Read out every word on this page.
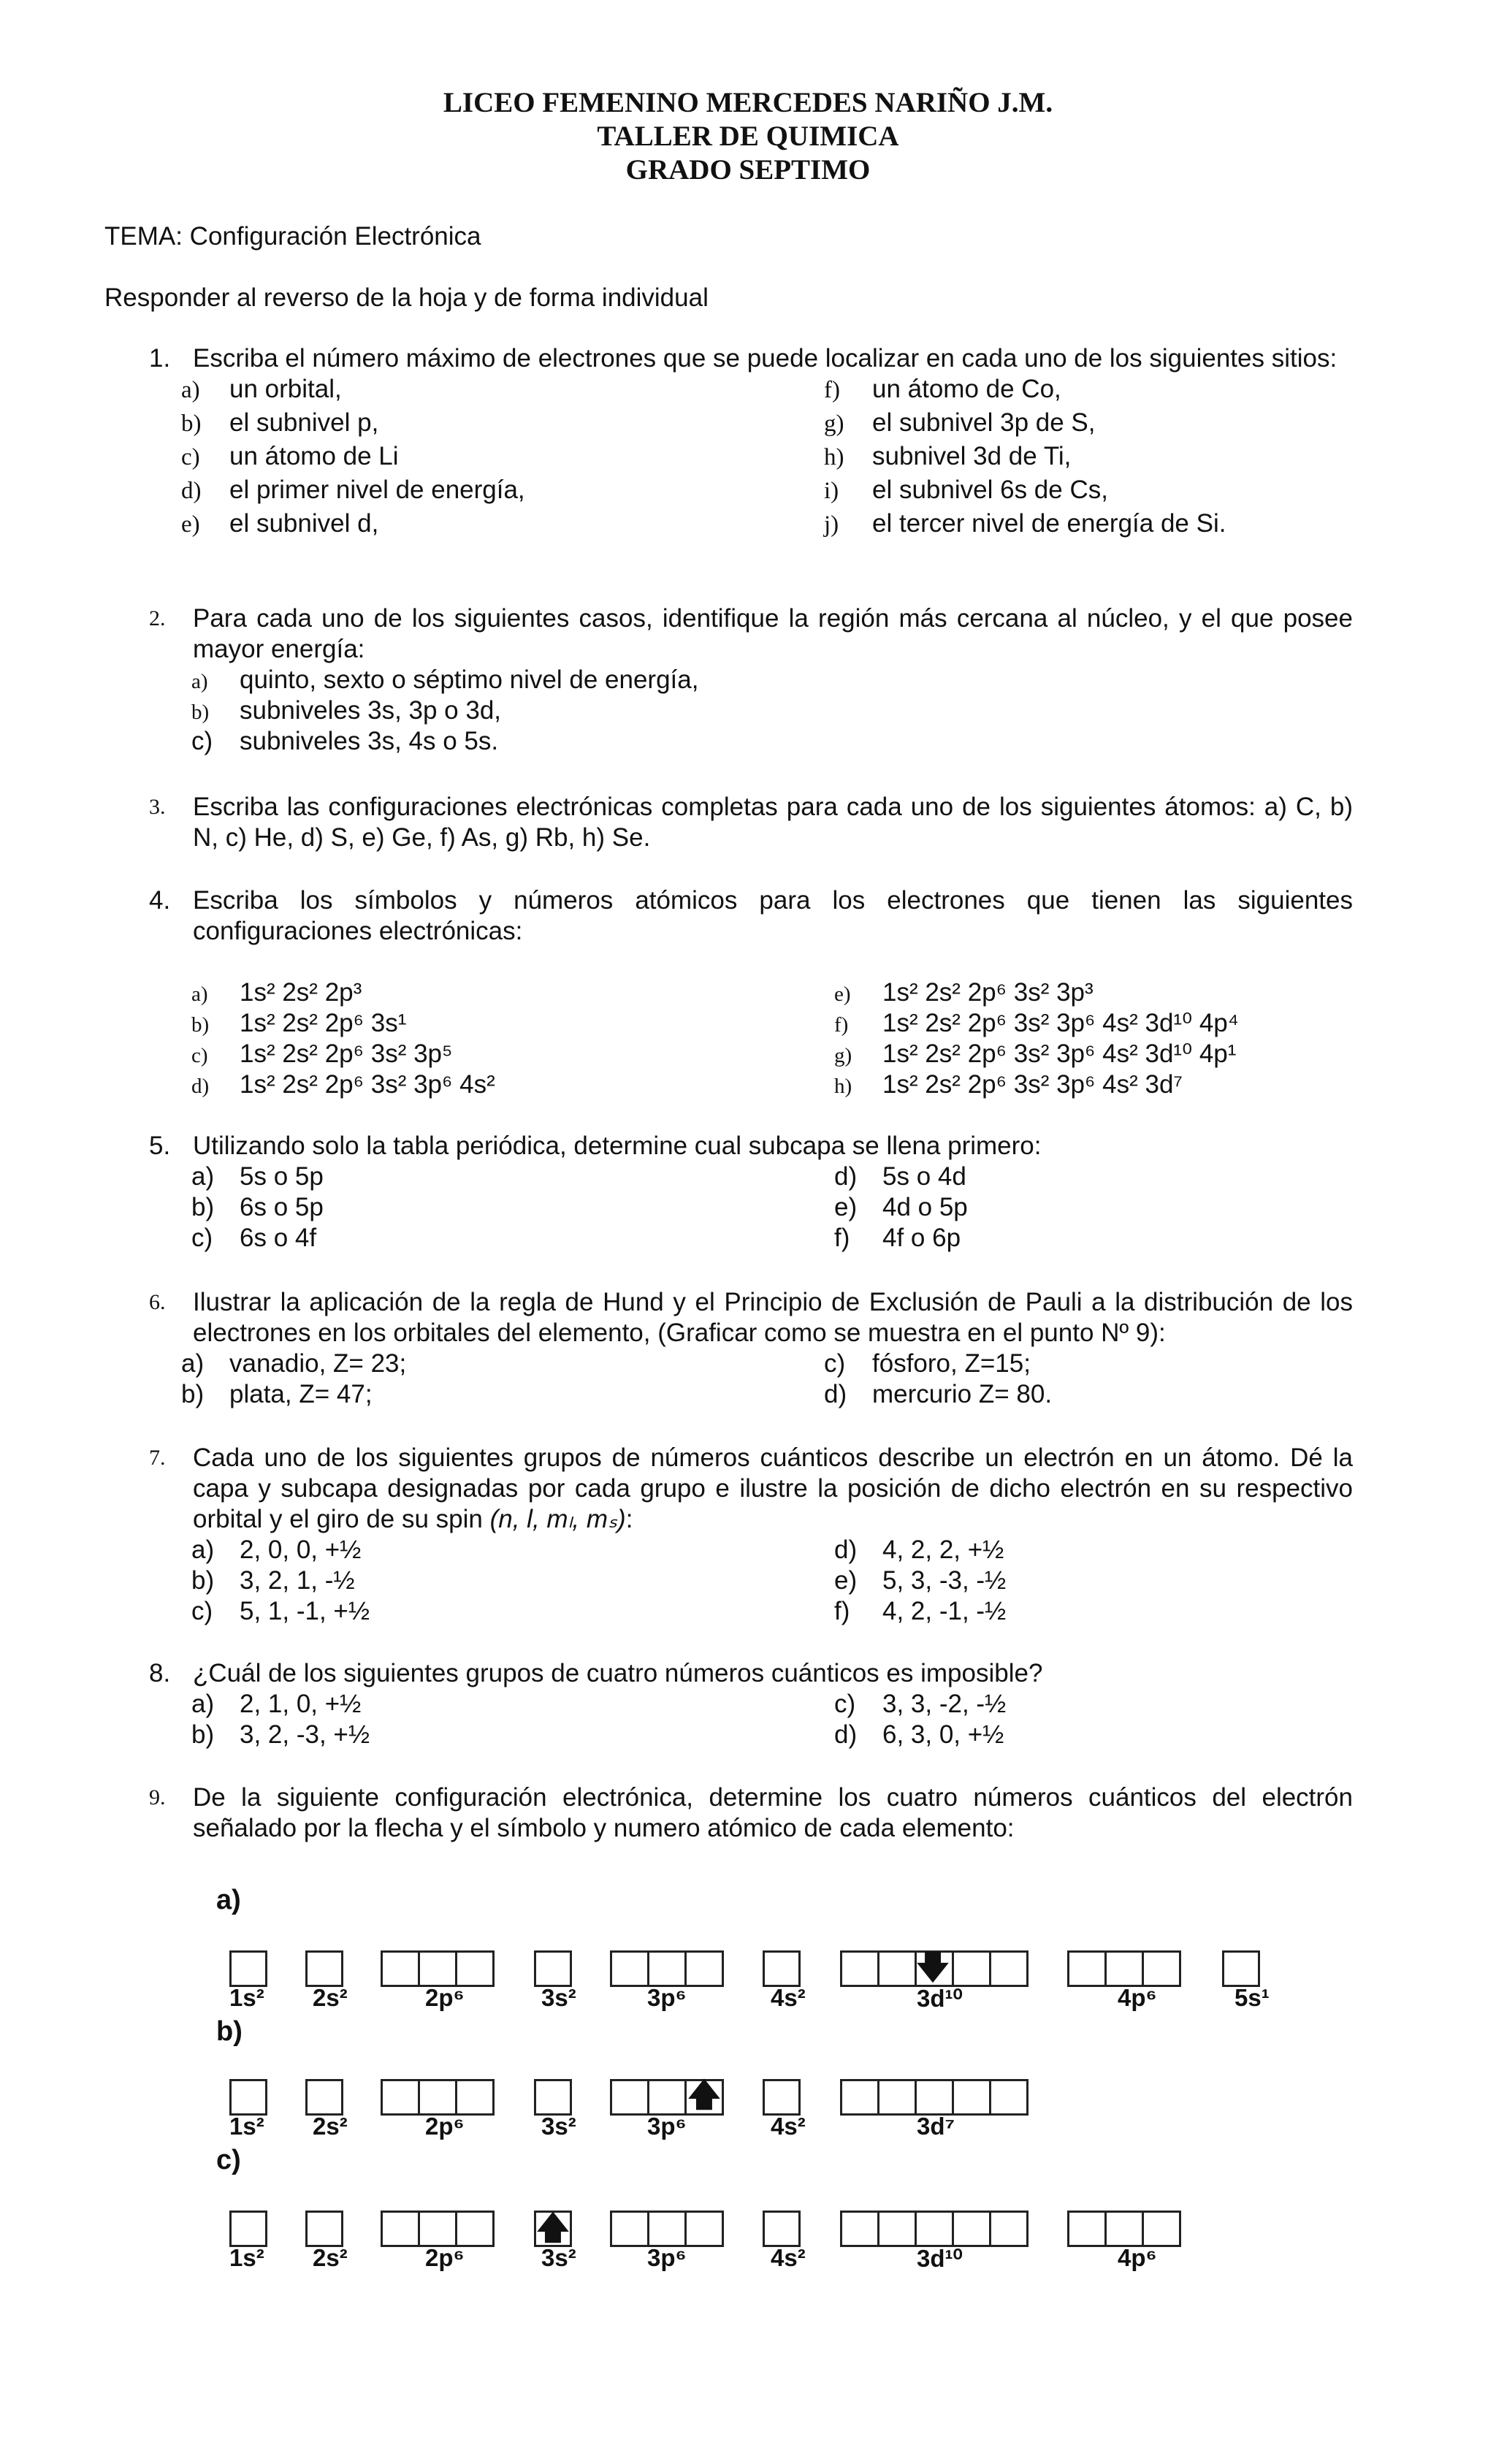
LICEO FEMENINO MERCEDES NARIÑO J.M.
TALLER DE QUIMICA
GRADO SEPTIMO
TEMA: Configuración Electrónica
Responder al reverso de la hoja y de forma individual
1. Escriba el número máximo de electrones que se puede localizar en cada uno de los siguientes sitios:
a) un orbital,
b) el subnivel p,
c) un átomo de Li
d) el primer nivel de energía,
e) el subnivel d,
f) un átomo de Co,
g) el subnivel 3p de S,
h) subnivel 3d de Ti,
i) el subnivel 6s de Cs,
j) el tercer nivel de energía de Si.
2.	Para cada uno de los siguientes casos, identifique la región más cercana al núcleo, y el que posee mayor energía:
a) quinto, sexto o séptimo nivel de energía,
b) subniveles 3s, 3p o 3d,
c) subniveles 3s, 4s o 5s.
3.	Escriba las configuraciones electrónicas completas para cada uno de los siguientes átomos: a) C, b) N, c) He, d) S, e) Ge, f) As, g) Rb, h) Se.
4. Escriba los símbolos y números atómicos para los electrones que tienen las siguientes configuraciones electrónicas:
a) 1s² 2s² 2p³
b) 1s² 2s² 2p⁶ 3s¹
c) 1s² 2s² 2p⁶ 3s² 3p⁵
d) 1s² 2s² 2p⁶ 3s² 3p⁶ 4s²
e) 1s² 2s² 2p⁶ 3s² 3p³
f) 1s² 2s² 2p⁶ 3s² 3p⁶ 4s² 3d¹⁰ 4p⁴
g) 1s² 2s² 2p⁶ 3s² 3p⁶ 4s² 3d¹⁰ 4p¹
h) 1s² 2s² 2p⁶ 3s² 3p⁶ 4s² 3d⁷
5. Utilizando solo la tabla periódica, determine cual subcapa se llena primero:
a) 5s o 5p
b) 6s o 5p
c) 6s o 4f
d) 5s o 4d
e) 4d o 5p
f) 4f o 6p
6.	Ilustrar la aplicación de la regla de Hund y el Principio de Exclusión de Pauli a la distribución de los electrones en los orbitales del elemento, (Graficar como se muestra en el punto Nº 9):
a) vanadio, Z= 23;
b) plata, Z= 47;
c) fósforo, Z=15;
d) mercurio Z= 80.
7.	Cada uno de los siguientes grupos de números cuánticos describe un electrón en un átomo. Dé la capa y subcapa designadas por cada grupo e ilustre la posición de dicho electrón en su respectivo orbital y el giro de su spin (n, l, mₗ, mₛ):
a) 2, 0, 0, +½
b) 3, 2, 1, -½
c) 5, 1, -1, +½
d) 4, 2, 2, +½
e) 5, 3, -3, -½
f) 4, 2, -1, -½
8. ¿Cuál de los siguientes grupos de cuatro números cuánticos es imposible?
a) 2, 1, 0, +½
b) 3, 2, -3, +½
c) 3, 3, -2, -½
d) 6, 3, 0, +½
9.	De la siguiente configuración electrónica, determine los cuatro números cuánticos del electrón señalado por la flecha y el símbolo y numero atómico de cada elemento:
a)
🡇
1s² 2s²	2p⁶	3s²	3p⁶	4s²	3d¹⁰	4p⁶	5s¹
b)
🡅
1s² 2s²	2p⁶	3s²	3p⁶	4s²	3d⁷
c)
🡅
1s² 2s²	2p⁶	3s²	3p⁶	4s²	3d¹⁰	4p⁶
